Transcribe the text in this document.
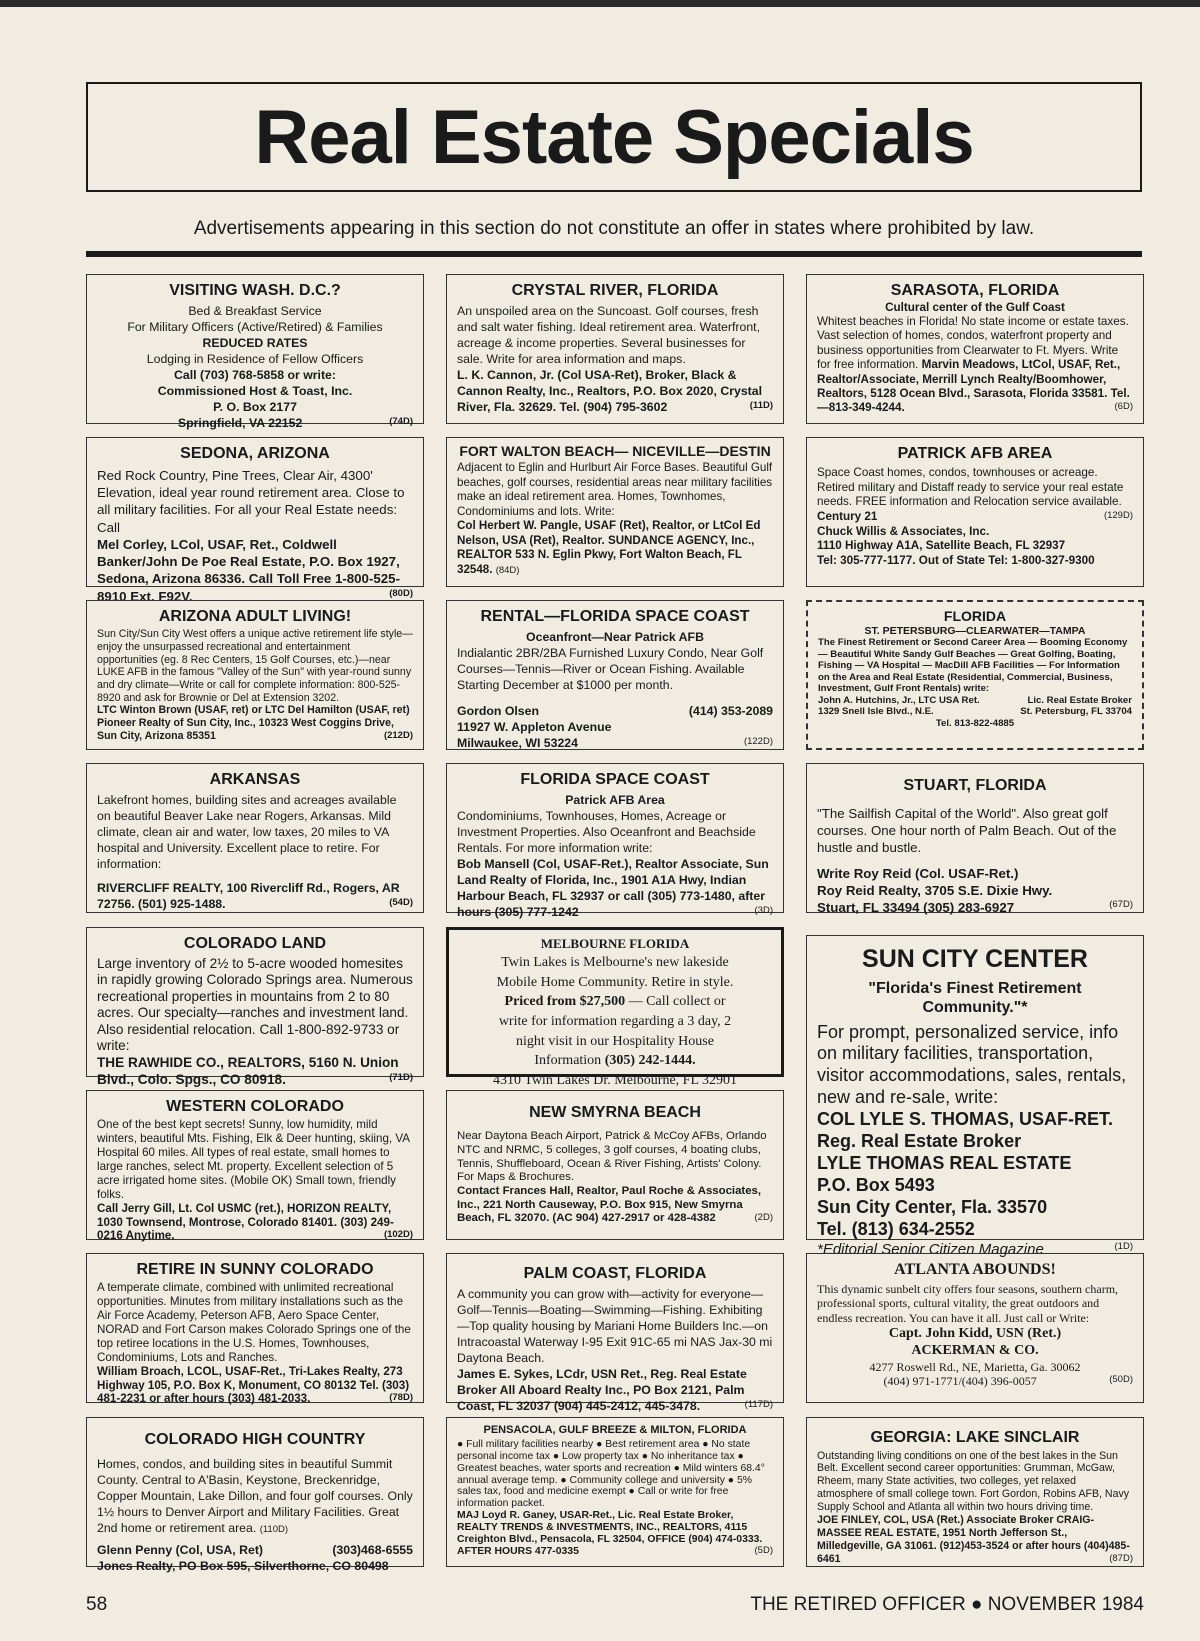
Real Estate Specials
Advertisements appearing in this section do not constitute an offer in states where prohibited by law.
VISITING WASH. D.C.?
Bed & Breakfast Service
For Military Officers (Active/Retired) & Families
REDUCED RATES
Lodging in Residence of Fellow Officers
Call (703) 768-5858 or write:
Commissioned Host & Toast, Inc.
P. O. Box 2177
Springfield, VA 22152	(74D)
SEDONA, ARIZONA
Red Rock Country, Pine Trees, Clear Air, 4300' Elevation, ideal year round retirement area. Close to all military facilities. For all your Real Estate needs: Call
Mel Corley, LCol, USAF, Ret., Coldwell Banker/John De Poe Real Estate, P.O. Box 1927, Sedona, Arizona 86336. Call Toll Free 1-800-525-8910 Ext. F92V.	(80D)
ARIZONA ADULT LIVING!
Sun City/Sun City West offers a unique active retirement life style—enjoy the unsurpassed recreational and entertainment opportunities (eg. 8 Rec Centers, 15 Golf Courses, etc.)—near LUKE AFB in the famous "Valley of the Sun" with year-round sunny and dry climate—Write or call for complete information: 800-525-8920 and ask for Brownie or Del at Extension 3202.
LTC Winton Brown (USAF, ret) or LTC Del Hamilton (USAF, ret) Pioneer Realty of Sun City, Inc., 10323 West Coggins Drive, Sun City, Arizona 85351	(212D)
ARKANSAS
Lakefront homes, building sites and acreages available on beautiful Beaver Lake near Rogers, Arkansas. Mild climate, clean air and water, low taxes, 20 miles to VA hospital and University. Excellent place to retire. For information:
RIVERCLIFF REALTY, 100 Rivercliff Rd., Rogers, AR 72756. (501) 925-1488.	(54D)
COLORADO LAND
Large inventory of 2½ to 5-acre wooded homesites in rapidly growing Colorado Springs area. Numerous recreational properties in mountains from 2 to 80 acres. Our specialty—ranches and investment land. Also residential relocation. Call 1-800-892-9733 or write:
THE RAWHIDE CO., REALTORS, 5160 N. Union Blvd., Colo. Spgs., CO 80918.	(71D)
WESTERN COLORADO
One of the best kept secrets! Sunny, low humidity, mild winters, beautiful Mts. Fishing, Elk & Deer hunting, skiing, VA Hospital 60 miles. All types of real estate, small homes to large ranches, select Mt. property. Excellent selection of 5 acre irrigated home sites. (Mobile OK) Small town, friendly folks.
Call Jerry Gill, Lt. Col USMC (ret.), HORIZON REALTY, 1030 Townsend, Montrose, Colorado 81401. (303) 249-0216 Anytime.	(102D)
RETIRE IN SUNNY COLORADO
A temperate climate, combined with unlimited recreational opportunities. Minutes from military installations such as the Air Force Academy, Peterson AFB, Aero Space Center, NORAD and Fort Carson makes Colorado Springs one of the top retiree locations in the U.S. Homes, Townhouses, Condominiums, Lots and Ranches.
William Broach, LCOL, USAF-Ret., Tri-Lakes Realty, 273 Highway 105, P.O. Box K, Monument, CO 80132 Tel. (303) 481-2231 or after hours (303) 481-2033.	(78D)
COLORADO HIGH COUNTRY
Homes, condos, and building sites in beautiful Summit County. Central to A'Basin, Keystone, Breckenridge, Copper Mountain, Lake Dillon, and four golf courses. Only 1½ hours to Denver Airport and Military Facilities. Great 2nd home or retirement area. (110D)
Glenn Penny (Col, USA, Ret)	(303)468-6555
Jones Realty, PO Box 595, Silverthorne, CO 80498
CRYSTAL RIVER, FLORIDA
An unspoiled area on the Suncoast. Golf courses, fresh and salt water fishing. Ideal retirement area. Waterfront, acreage & income properties. Several businesses for sale. Write for area information and maps.
L. K. Cannon, Jr. (Col USA-Ret), Broker, Black & Cannon Realty, Inc., Realtors, P.O. Box 2020, Crystal River, Fla. 32629. Tel. (904) 795-3602	(11D)
FORT WALTON BEACH— NICEVILLE—DESTIN
Adjacent to Eglin and Hurlburt Air Force Bases. Beautiful Gulf beaches, golf courses, residential areas near military facilities make an ideal retirement area. Homes, Townhomes, Condominiums and lots. Write:
Col Herbert W. Pangle, USAF (Ret), Realtor, or LtCol Ed Nelson, USA (Ret), Realtor. SUNDANCE AGENCY, Inc., REALTOR 533 N. Eglin Pkwy, Fort Walton Beach, FL 32548. (84D)
RENTAL—FLORIDA SPACE COAST
Oceanfront—Near Patrick AFB
Indialantic 2BR/2BA Furnished Luxury Condo, Near Golf Courses—Tennis—River or Ocean Fishing. Available Starting December at $1000 per month.
Gordon Olsen	(414) 353-2089
11927 W. Appleton Avenue
Milwaukee, WI 53224	(122D)
FLORIDA SPACE COAST
Patrick AFB Area
Condominiums, Townhouses, Homes, Acreage or Investment Properties. Also Oceanfront and Beachside Rentals. For more information write:
Bob Mansell (Col, USAF-Ret.), Realtor Associate, Sun Land Realty of Florida, Inc., 1901 A1A Hwy, Indian Harbour Beach, FL 32937 or call (305) 773-1480, after hours (305) 777-1242	(3D)
MELBOURNE FLORIDA
Twin Lakes is Melbourne's new lakeside
Mobile Home Community. Retire in style.
Priced from $27,500 — Call collect or
write for information regarding a 3 day, 2
night visit in our Hospitality House
Information (305) 242-1444.
4310 Twin Lakes Dr. Melbourne, FL 32901
NEW SMYRNA BEACH
Near Daytona Beach Airport, Patrick & McCoy AFBs, Orlando NTC and NRMC, 5 colleges, 3 golf courses, 4 boating clubs, Tennis, Shuffleboard, Ocean & River Fishing, Artists' Colony. For Maps & Brochures.
Contact Frances Hall, Realtor, Paul Roche & Associates, Inc., 221 North Causeway, P.O. Box 915, New Smyrna Beach, FL 32070. (AC 904) 427-2917 or 428-4382	(2D)
PALM COAST, FLORIDA
A community you can grow with—activity for everyone—Golf—Tennis—Boating—Swimming—Fishing. Exhibiting—Top quality housing by Mariani Home Builders Inc.—on Intracoastal Waterway I-95 Exit 91C-65 mi NAS Jax-30 mi Daytona Beach.
James E. Sykes, LCdr, USN Ret., Reg. Real Estate Broker All Aboard Realty Inc., PO Box 2121, Palm Coast, FL 32037 (904) 445-2412, 445-3478.	(117D)
PENSACOLA, GULF BREEZE & MILTON, FLORIDA
● Full military facilities nearby ● Best retirement area ● No state personal income tax ● Low property tax ● No inheritance tax ● Greatest beaches, water sports and recreation ● Mild winters 68.4° annual average temp. ● Community college and university ● 5% sales tax, food and medicine exempt ● Call or write for free information packet.
MAJ Loyd R. Ganey, USAR-Ret., Lic. Real Estate Broker, REALTY TRENDS & INVESTMENTS, INC., REALTORS, 4115 Creighton Blvd., Pensacola, FL 32504, OFFICE (904) 474-0333. AFTER HOURS 477-0335	(5D)
SARASOTA, FLORIDA
Cultural center of the Gulf Coast
Whitest beaches in Florida! No state income or estate taxes. Vast selection of homes, condos, waterfront property and business opportunities from Clearwater to Ft. Myers. Write for free information. Marvin Meadows, LtCol, USAF, Ret., Realtor/Associate, Merrill Lynch Realty/Boomhower, Realtors, 5128 Ocean Blvd., Sarasota, Florida 33581. Tel.—813-349-4244.	(6D)
PATRICK AFB AREA
Space Coast homes, condos, townhouses or acreage. Retired military and Distaff ready to service your real estate needs. FREE information and Relocation service available.
Century 21	(129D)
Chuck Willis & Associates, Inc.
1110 Highway A1A, Satellite Beach, FL 32937
Tel: 305-777-1177. Out of State Tel: 1-800-327-9300
FLORIDA
ST. PETERSBURG—CLEARWATER—TAMPA
The Finest Retirement or Second Career Area — Booming Economy — Beautiful White Sandy Gulf Beaches — Great Golfing, Boating, Fishing — VA Hospital — MacDill AFB Facilities — For Information on the Area and Real Estate (Residential, Commercial, Business, Investment, Gulf Front Rentals) write:
John A. Hutchins, Jr., LTC USA Ret.	Lic. Real Estate Broker
1329 Snell Isle Blvd., N.E.	St. Petersburg, FL 33704
Tel. 813-822-4885
STUART, FLORIDA
"The Sailfish Capital of the World". Also great golf courses. One hour north of Palm Beach. Out of the hustle and bustle.
Write Roy Reid (Col. USAF-Ret.)
Roy Reid Realty, 3705 S.E. Dixie Hwy.
Stuart, FL 33494 (305) 283-6927	(67D)
SUN CITY CENTER
"Florida's Finest Retirement Community."*
For prompt, personalized service, info on military facilities, transportation, visitor accommodations, sales, rentals, new and re-sale, write:
COL LYLE S. THOMAS, USAF-RET.
Reg. Real Estate Broker
LYLE THOMAS REAL ESTATE
P.O. Box 5493
Sun City Center, Fla. 33570
Tel. (813) 634-2552
*Editorial Senior Citizen Magazine	(1D)
ATLANTA ABOUNDS!
This dynamic sunbelt city offers four seasons, southern charm, professional sports, cultural vitality, the great outdoors and endless recreation. You can have it all. Just call or Write:
Capt. John Kidd, USN (Ret.)
ACKERMAN & CO.
4277 Roswell Rd., NE, Marietta, Ga. 30062
(404) 971-1771/(404) 396-0057	(50D)
GEORGIA: LAKE SINCLAIR
Outstanding living conditions on one of the best lakes in the Sun Belt. Excellent second career opportunities: Grumman, McGaw, Rheem, many State activities, two colleges, yet relaxed atmosphere of small college town. Fort Gordon, Robins AFB, Navy Supply School and Atlanta all within two hours driving time.
JOE FINLEY, COL, USA (Ret.) Associate Broker CRAIG-MASSEE REAL ESTATE, 1951 North Jefferson St., Milledgeville, GA 31061. (912)453-3524 or after hours (404)485-6461	(87D)
58	THE RETIRED OFFICER ● NOVEMBER 1984
